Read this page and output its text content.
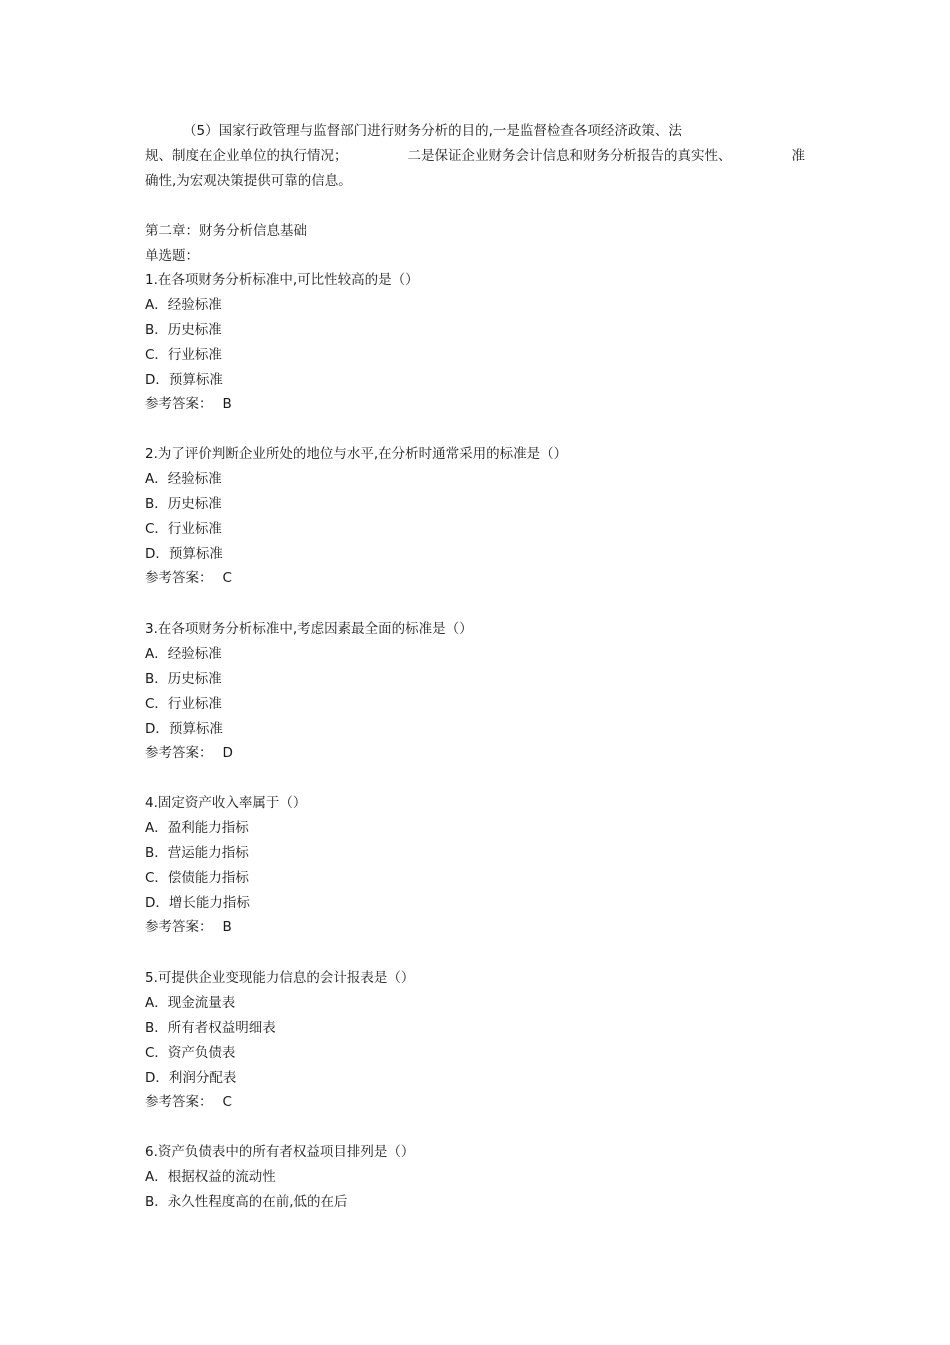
（5）国家行政管理与监督部门进行财务分析的目的,一是监督检查各项经济政策、法
规、制度在企业单位的执行情况；	二是保证企业财务会计信息和财务分析报告的真实性、	准
确性,为宏观决策提供可靠的信息。
第二章：财务分析信息基础
单选题：
1.在各项财务分析标准中,可比性较高的是（）
A．经验标准
B．历史标准
C．行业标准
D．预算标准
参考答案： B
2.为了评价判断企业所处的地位与水平,在分析时通常采用的标准是（）
A．经验标准
B．历史标准
C．行业标准
D．预算标准
参考答案： C
3.在各项财务分析标准中,考虑因素最全面的标准是（）
A．经验标准
B．历史标准
C．行业标准
D．预算标准
参考答案： D
4.固定资产收入率属于（）
A．盈利能力指标
B．营运能力指标
C．偿债能力指标
D．增长能力指标
参考答案： B
5.可提供企业变现能力信息的会计报表是（）
A．现金流量表
B．所有者权益明细表
C．资产负债表
D．利润分配表
参考答案： C
6.资产负债表中的所有者权益项目排列是（）
A．根据权益的流动性
B．永久性程度高的在前,低的在后
